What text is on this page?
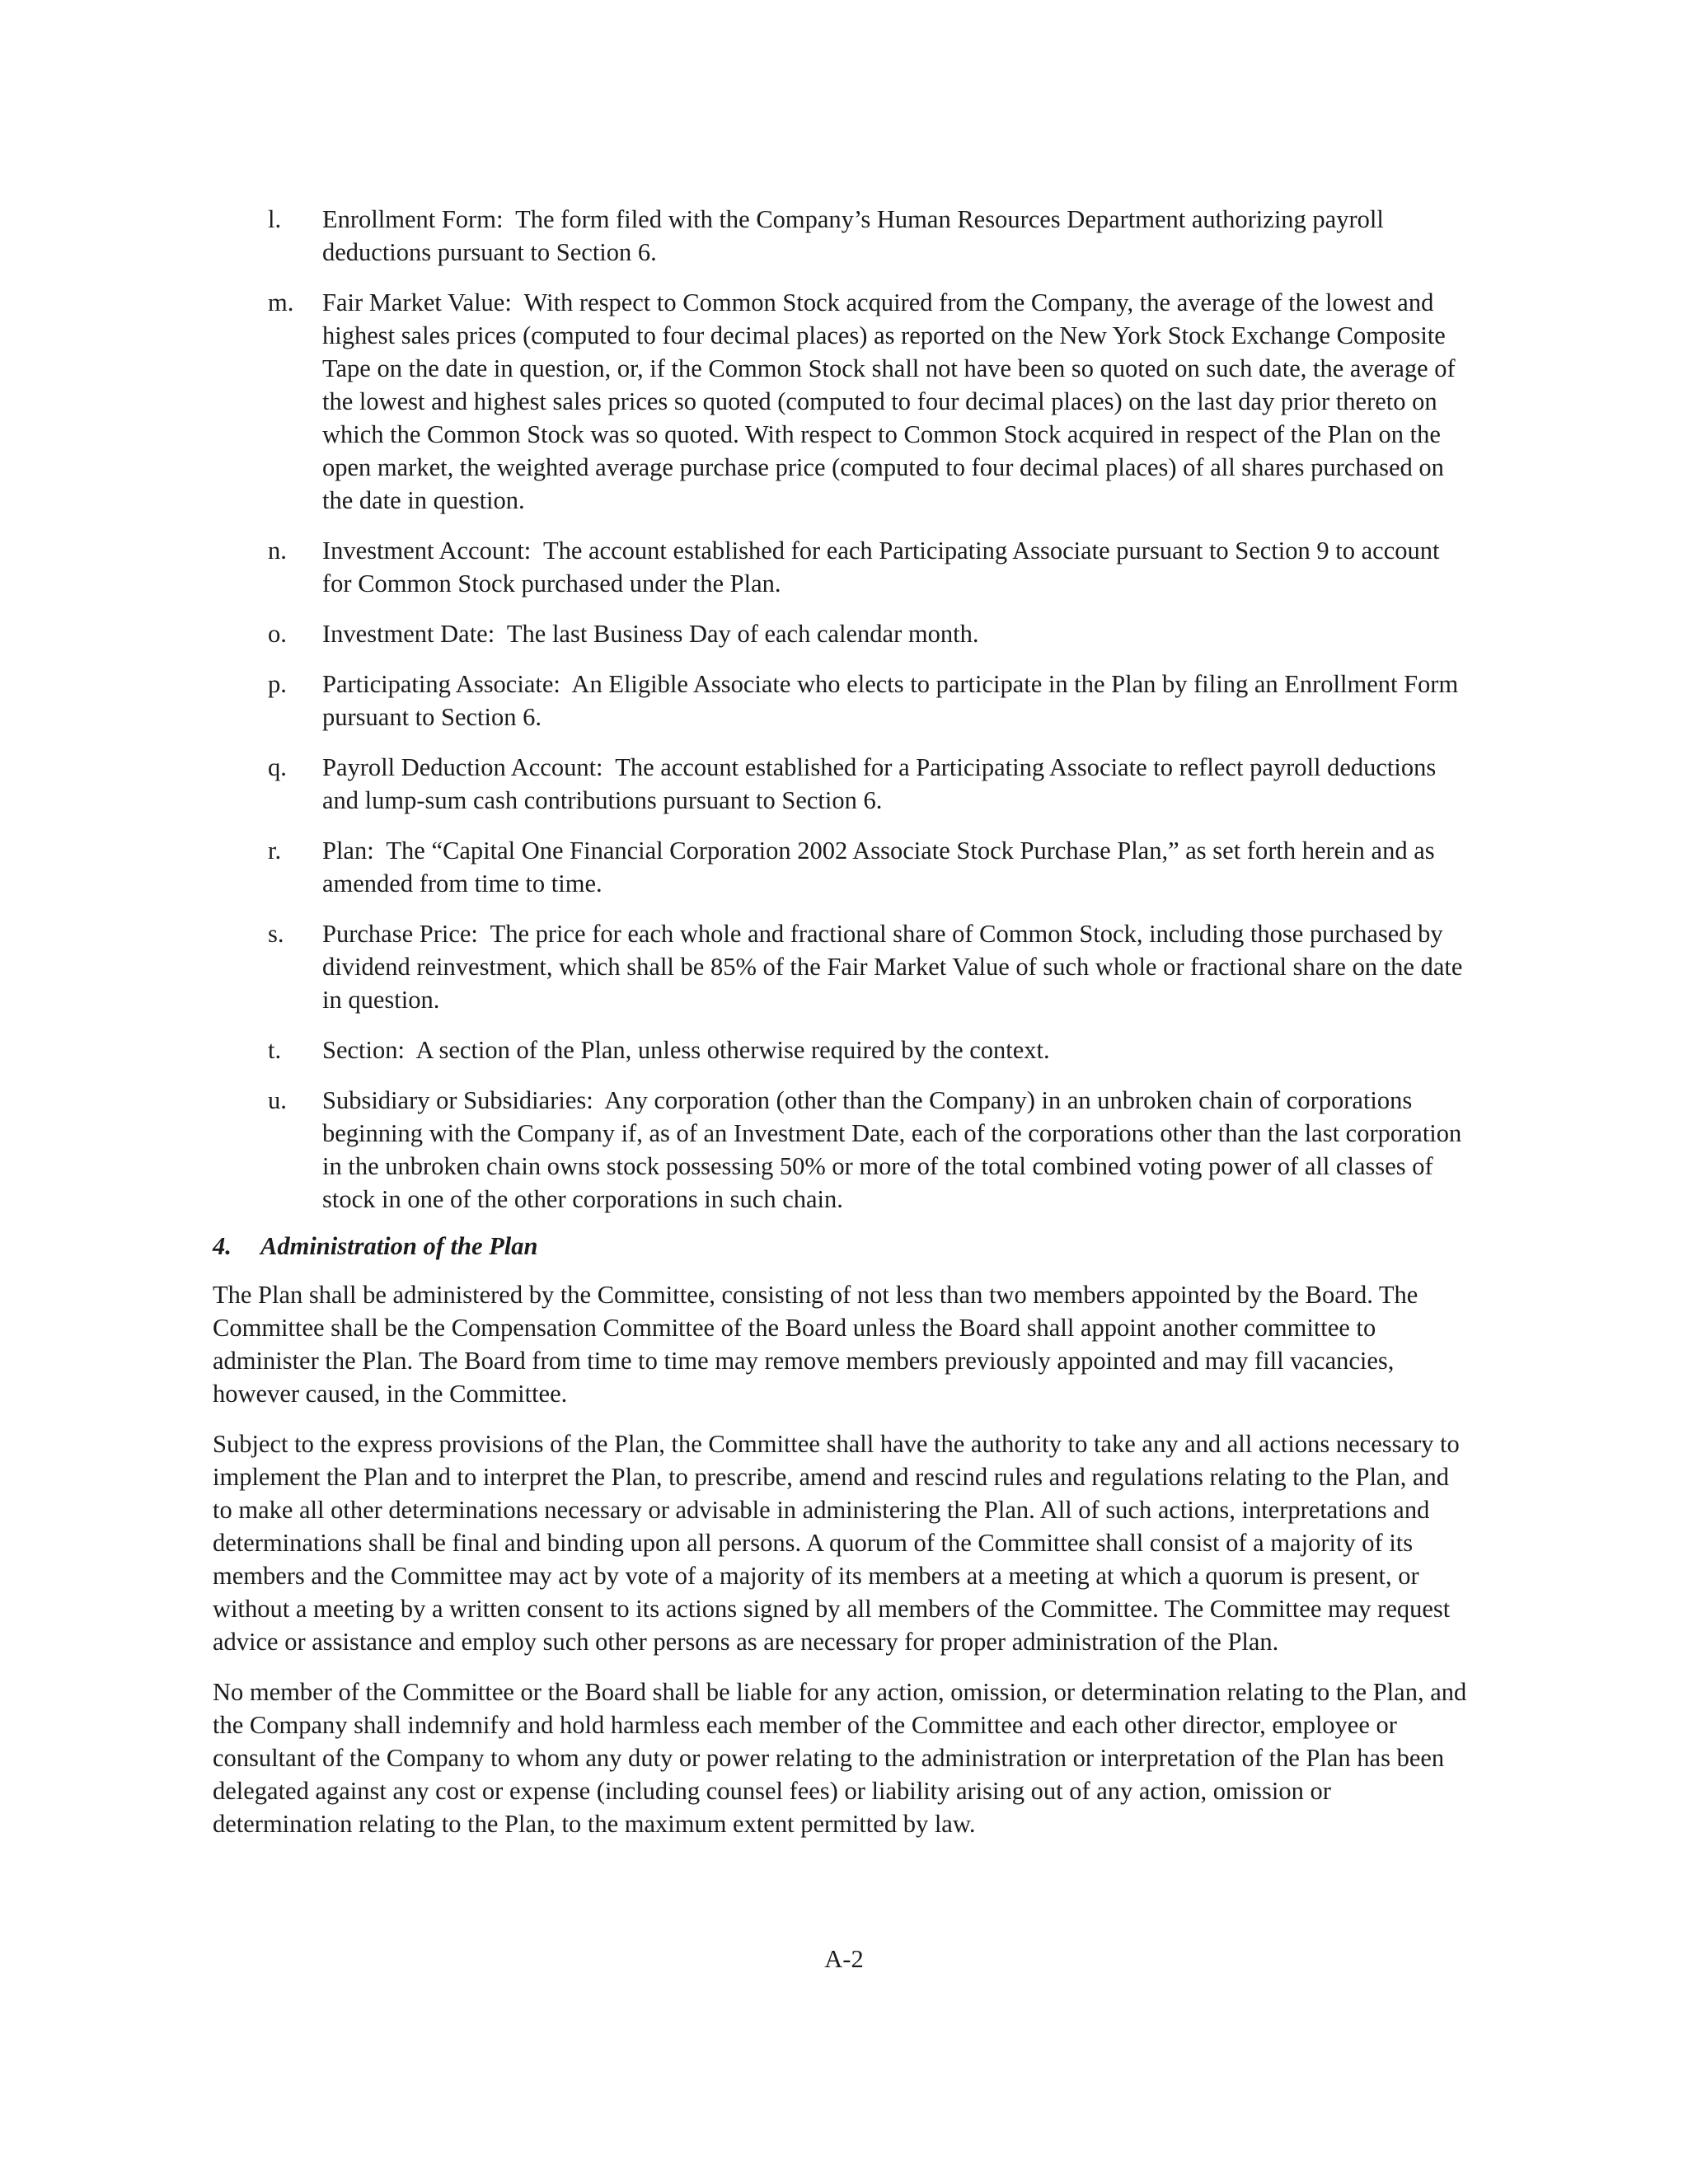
l.	Enrollment Form: The form filed with the Company’s Human Resources Department authorizing payroll deductions pursuant to Section 6.
m.	Fair Market Value: With respect to Common Stock acquired from the Company, the average of the lowest and highest sales prices (computed to four decimal places) as reported on the New York Stock Exchange Composite Tape on the date in question, or, if the Common Stock shall not have been so quoted on such date, the average of the lowest and highest sales prices so quoted (computed to four decimal places) on the last day prior thereto on which the Common Stock was so quoted. With respect to Common Stock acquired in respect of the Plan on the open market, the weighted average purchase price (computed to four decimal places) of all shares purchased on the date in question.
n.	Investment Account: The account established for each Participating Associate pursuant to Section 9 to account for Common Stock purchased under the Plan.
o.	Investment Date: The last Business Day of each calendar month.
p.	Participating Associate: An Eligible Associate who elects to participate in the Plan by filing an Enrollment Form pursuant to Section 6.
q.	Payroll Deduction Account: The account established for a Participating Associate to reflect payroll deductions and lump-sum cash contributions pursuant to Section 6.
r.	Plan: The “Capital One Financial Corporation 2002 Associate Stock Purchase Plan,” as set forth herein and as amended from time to time.
s.	Purchase Price: The price for each whole and fractional share of Common Stock, including those purchased by dividend reinvestment, which shall be 85% of the Fair Market Value of such whole or fractional share on the date in question.
t.	Section: A section of the Plan, unless otherwise required by the context.
u.	Subsidiary or Subsidiaries: Any corporation (other than the Company) in an unbroken chain of corporations beginning with the Company if, as of an Investment Date, each of the corporations other than the last corporation in the unbroken chain owns stock possessing 50% or more of the total combined voting power of all classes of stock in one of the other corporations in such chain.
4.	Administration of the Plan

The Plan shall be administered by the Committee, consisting of not less than two members appointed by the Board. The Committee shall be the Compensation Committee of the Board unless the Board shall appoint another committee to administer the Plan. The Board from time to time may remove members previously appointed and may fill vacancies, however caused, in the Committee.

Subject to the express provisions of the Plan, the Committee shall have the authority to take any and all actions necessary to implement the Plan and to interpret the Plan, to prescribe, amend and rescind rules and regulations relating to the Plan, and to make all other determinations necessary or advisable in administering the Plan. All of such actions, interpretations and determinations shall be final and binding upon all persons. A quorum of the Committee shall consist of a majority of its members and the Committee may act by vote of a majority of its members at a meeting at which a quorum is present, or without a meeting by a written consent to its actions signed by all members of the Committee. The Committee may request advice or assistance and employ such other persons as are necessary for proper administration of the Plan.

No member of the Committee or the Board shall be liable for any action, omission, or determination relating to the Plan, and the Company shall indemnify and hold harmless each member of the Committee and each other director, employee or consultant of the Company to whom any duty or power relating to the administration or interpretation of the Plan has been delegated against any cost or expense (including counsel fees) or liability arising out of any action, omission or determination relating to the Plan, to the maximum extent permitted by law.

A-2
